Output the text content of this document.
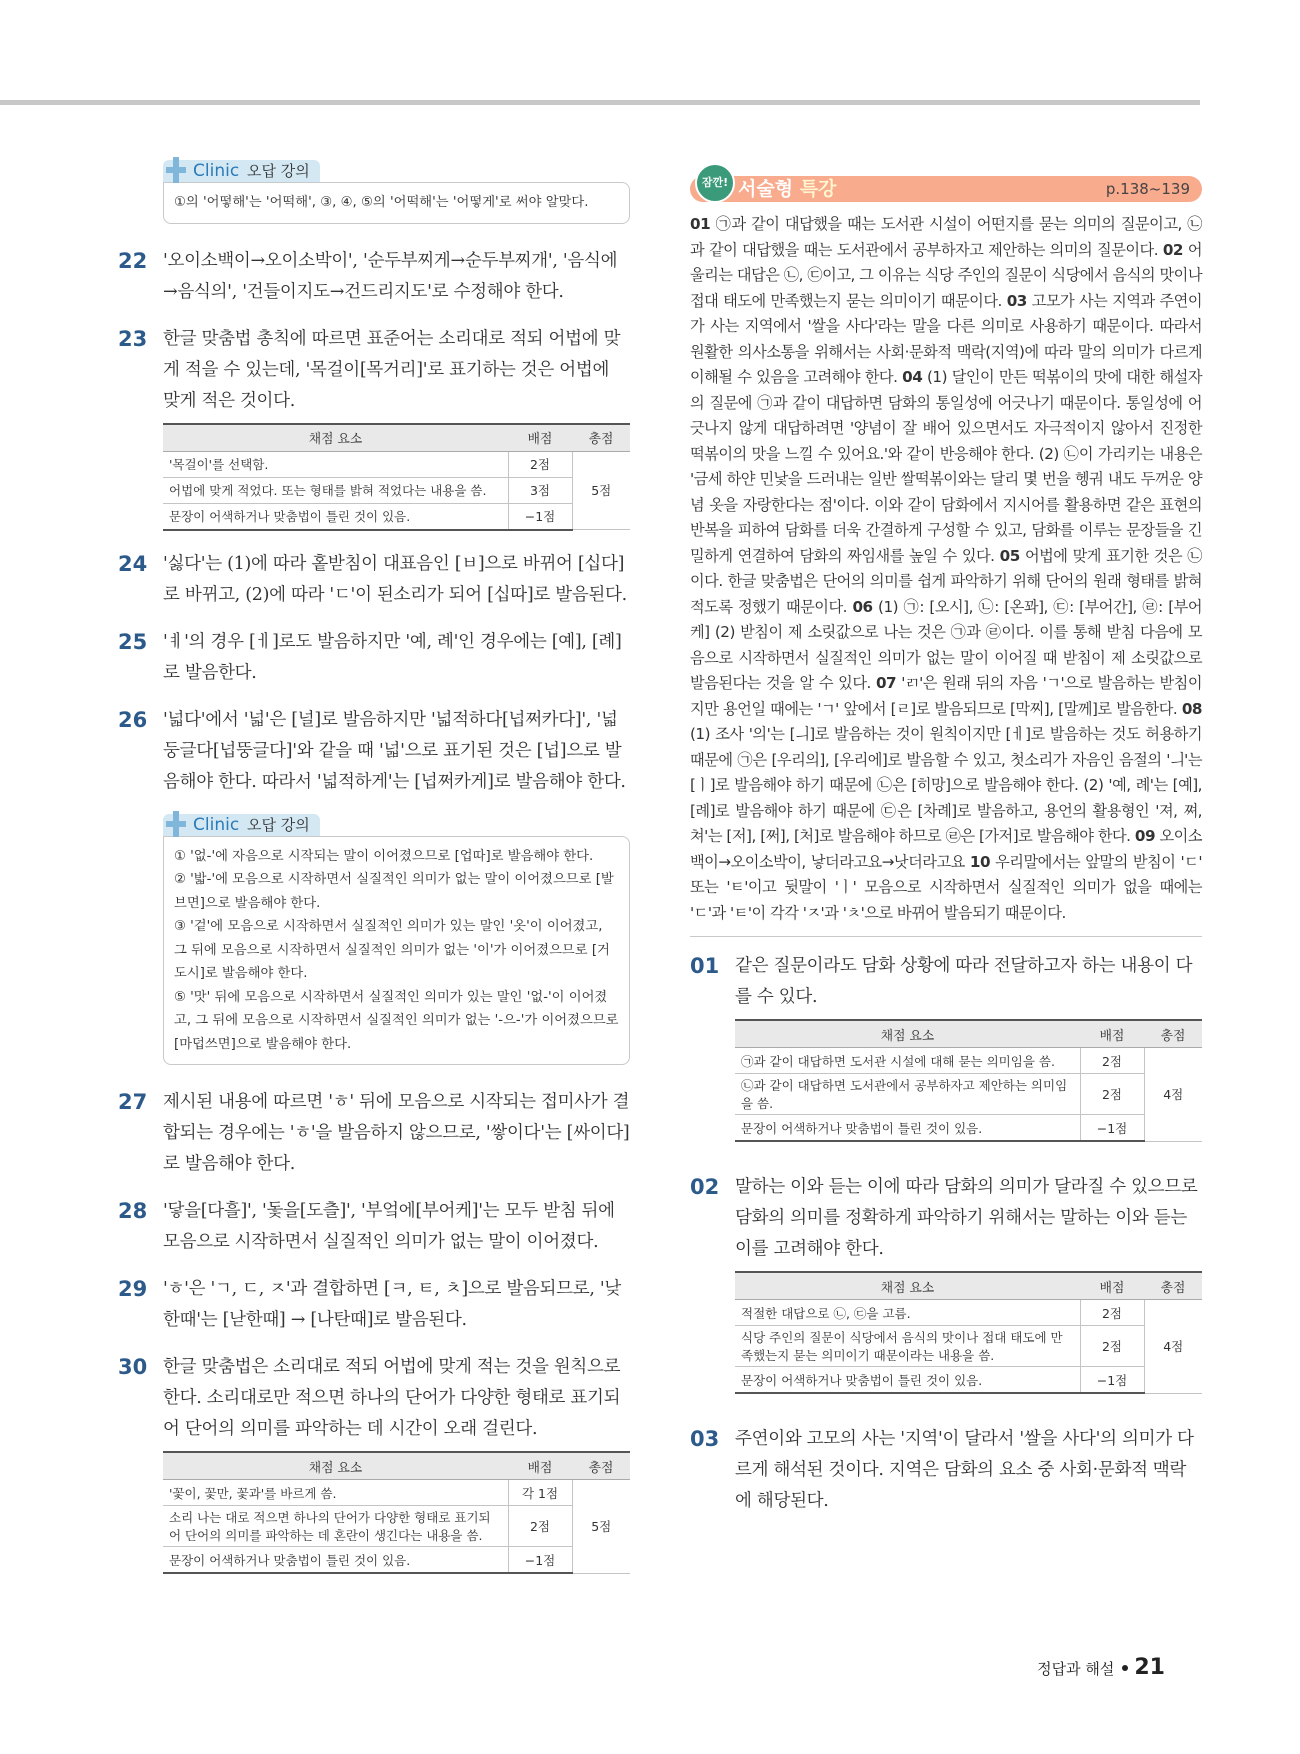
Clinic 오답 강의

①의 '어떻해'는 '어떡해', ③, ④, ⑤의 '어떡해'는 '어떻게'로 써야 알맞다.

22 '오이소백이→오이소박이', '순두부찌게→순두부찌개', '음식에→음식의', '건들이지도→건드리지도'로 수정해야 한다.
23 한글 맞춤법 총칙에 따르면 표준어는 소리대로 적되 어법에 맞게 적을 수 있는데, '목걸이[목거리]'로 표기하는 것은 어법에 맞게 적은 것이다.
채점 요소	배점	총점
'목걸이'를 선택함.	2점	5점
어법에 맞게 적었다. 또는 형태를 밝혀 적었다는 내용을 씀.	3점	
문장이 어색하거나 맞춤법이 틀린 것이 있음.	−1점	
24 '싫다'는 (1)에 따라 홑받침이 대표음인 [ㅂ]으로 바뀌어 [십다]로 바뀌고, (2)에 따라 'ㄷ'이 된소리가 되어 [십따]로 발음된다.
25 'ㅖ'의 경우 [ㅔ]로도 발음하지만 '예, 례'인 경우에는 [예], [례]로 발음한다.
26 '넓다'에서 '넓'은 [널]로 발음하지만 '넓적하다[넙쩌카다]', '넓둥글다[넙뚱글다]'와 같을 때 '넓'으로 표기된 것은 [넙]으로 발음해야 한다. 따라서 '넓적하게'는 [넙쩌카게]로 발음해야 한다.
Clinic 오답 강의

① '없-'에 자음으로 시작되는 말이 이어졌으므로 [업따]로 발음해야 한다.

② '밟-'에 모음으로 시작하면서 실질적인 의미가 없는 말이 이어졌으므로 [발브면]으로 발음해야 한다.

③ '겉'에 모음으로 시작하면서 실질적인 의미가 있는 말인 '옷'이 이어졌고, 그 뒤에 모음으로 시작하면서 실질적인 의미가 없는 '이'가 이어졌으므로 [거도시]로 발음해야 한다.

⑤ '맛' 뒤에 모음으로 시작하면서 실질적인 의미가 있는 말인 '없-'이 이어졌고, 그 뒤에 모음으로 시작하면서 실질적인 의미가 없는 '-으-'가 이어졌으므로 [마덥쓰면]으로 발음해야 한다.

27 제시된 내용에 따르면 'ㅎ' 뒤에 모음으로 시작되는 접미사가 결합되는 경우에는 'ㅎ'을 발음하지 않으므로, '쌓이다'는 [싸이다]로 발음해야 한다.
28 '닿을[다흘]', '돛을[도츨]', '부엌에[부어케]'는 모두 받침 뒤에 모음으로 시작하면서 실질적인 의미가 없는 말이 이어졌다.
29 'ㅎ'은 'ㄱ, ㄷ, ㅈ'과 결합하면 [ㅋ, ㅌ, ㅊ]으로 발음되므로, '낮 한때'는 [낟한때] → [나탄때]로 발음된다.
30 한글 맞춤법은 소리대로 적되 어법에 맞게 적는 것을 원칙으로 한다. 소리대로만 적으면 하나의 단어가 다양한 형태로 표기되어 단어의 의미를 파악하는 데 시간이 오래 걸린다.
채점 요소	배점	총점
'꽃이, 꽃만, 꽃과'를 바르게 씀.	각 1점	5점
소리 나는 대로 적으면 하나의 단어가 다양한 형태로 표기되어 단어의 의미를 파악하는 데 혼란이 생긴다는 내용을 씀.	2점	
문장이 어색하거나 맞춤법이 틀린 것이 있음.	−1점	
잠깐! 서술형 특강	p.138~139

01 ㉠과 같이 대답했을 때는 도서관 시설이 어떤지를 묻는 의미의 질문이고, ㉡과 같이 대답했을 때는 도서관에서 공부하자고 제안하는 의미의 질문이다. 02 어울리는 대답은 ㉡, ㉢이고, 그 이유는 식당 주인의 질문이 식당에서 음식의 맛이나 접대 태도에 만족했는지 묻는 의미이기 때문이다. 03 고모가 사는 지역과 주연이가 사는 지역에서 '쌀을 사다'라는 말을 다른 의미로 사용하기 때문이다. 따라서 원활한 의사소통을 위해서는 사회·문화적 맥락(지역)에 따라 말의 의미가 다르게 이해될 수 있음을 고려해야 한다. 04 (1) 달인이 만든 떡볶이의 맛에 대한 해설자의 질문에 ㉠과 같이 대답하면 담화의 통일성에 어긋나기 때문이다. 통일성에 어긋나지 않게 대답하려면 '양념이 잘 배어 있으면서도 자극적이지 않아서 진정한 떡볶이의 맛을 느낄 수 있어요.'와 같이 반응해야 한다. (2) ㉡이 가리키는 내용은 '금세 하얀 민낯을 드러내는 일반 쌀떡볶이와는 달리 몇 번을 헹궈 내도 두꺼운 양념 옷을 자랑한다는 점'이다. 이와 같이 담화에서 지시어를 활용하면 같은 표현의 반복을 피하여 담화를 더욱 간결하게 구성할 수 있고, 담화를 이루는 문장들을 긴밀하게 연결하여 담화의 짜임새를 높일 수 있다. 05 어법에 맞게 표기한 것은 ㉡이다. 한글 맞춤법은 단어의 의미를 쉽게 파악하기 위해 단어의 원래 형태를 밝혀 적도록 정했기 때문이다. 06 (1) ㉠: [오시], ㉡: [온꽈], ㉢: [부어간], ㉣: [부어케] (2) 받침이 제 소릿값으로 나는 것은 ㉠과 ㉣이다. 이를 통해 받침 다음에 모음으로 시작하면서 실질적인 의미가 없는 말이 이어질 때 받침이 제 소릿값으로 발음된다는 것을 알 수 있다. 07 'ㄺ'은 원래 뒤의 자음 'ㄱ'으로 발음하는 받침이지만 용언일 때에는 'ㄱ' 앞에서 [ㄹ]로 발음되므로 [막찌], [말께]로 발음한다. 08 (1) 조사 '의'는 [ㅢ]로 발음하는 것이 원칙이지만 [ㅔ]로 발음하는 것도 허용하기 때문에 ㉠은 [우리의], [우리에]로 발음할 수 있고, 첫소리가 자음인 음절의 'ㅢ'는 [ㅣ]로 발음해야 하기 때문에 ㉡은 [히망]으로 발음해야 한다. (2) '예, 례'는 [예], [례]로 발음해야 하기 때문에 ㉢은 [차례]로 발음하고, 용언의 활용형인 '져, 쪄, 쳐'는 [저], [쩌], [처]로 발음해야 하므로 ㉣은 [가저]로 발음해야 한다. 09 오이소백이→오이소박이, 낳더라고요→낫더라고요 10 우리말에서는 앞말의 받침이 'ㄷ' 또는 'ㅌ'이고 뒷말이 'ㅣ' 모음으로 시작하면서 실질적인 의미가 없을 때에는 'ㄷ'과 'ㅌ'이 각각 'ㅈ'과 'ㅊ'으로 바뀌어 발음되기 때문이다.

01 같은 질문이라도 담화 상황에 따라 전달하고자 하는 내용이 다를 수 있다.
채점 요소	배점	총점
㉠과 같이 대답하면 도서관 시설에 대해 묻는 의미임을 씀.	2점	4점
㉡과 같이 대답하면 도서관에서 공부하자고 제안하는 의미임을 씀.	2점	
문장이 어색하거나 맞춤법이 틀린 것이 있음.	−1점	
02 말하는 이와 듣는 이에 따라 담화의 의미가 달라질 수 있으므로 담화의 의미를 정확하게 파악하기 위해서는 말하는 이와 듣는 이를 고려해야 한다.
채점 요소	배점	총점
적절한 대답으로 ㉡, ㉢을 고름.	2점	4점
식당 주인의 질문이 식당에서 음식의 맛이나 접대 태도에 만족했는지 묻는 의미이기 때문이라는 내용을 씀.	2점	
문장이 어색하거나 맞춤법이 틀린 것이 있음.	−1점	
03 주연이와 고모의 사는 '지역'이 달라서 '쌀을 사다'의 의미가 다르게 해석된 것이다. 지역은 담화의 요소 중 사회·문화적 맥락에 해당된다.
정답과 해설 21
